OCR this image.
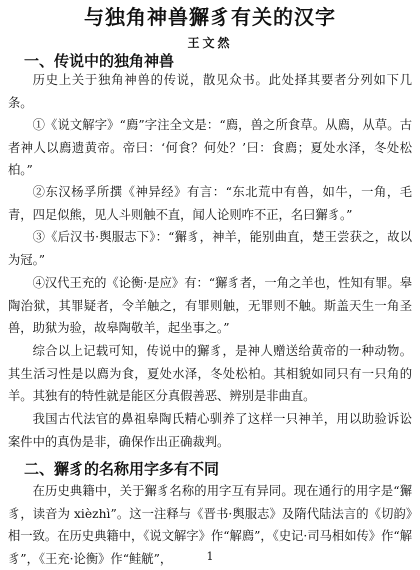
与独角神兽獬豸有关的汉字
王文然
一、传说中的独角神兽

历史上关于独角神兽的传说，散见众书。此处择其要者分列如下几条。

①《说文解字》“廌”字注全文是：“廌，兽之所食草。从廌，从草。古者神人以廌遗黄帝。帝曰：‘何食？何处？’曰：食廌；夏处水泽，冬处松柏。”

②东汉杨孚所撰《神异经》有言：“东北荒中有兽，如牛，一角，毛青，四足似熊，见人斗则触不直，闻人论则咋不正，名曰獬豸。”

③《后汉书·舆服志下》：“獬豸，神羊，能别曲直，楚王尝获之，故以为冠。”

④汉代王充的《论衡·是应》有：“獬豸者，一角之羊也，性知有罪。皋陶治狱，其罪疑者，令羊触之，有罪则触，无罪则不触。斯盖天生一角圣兽，助狱为验，故皋陶敬羊，起坐事之。”

综合以上记载可知，传说中的獬豸，是神人赠送给黄帝的一种动物。其生活习性是以廌为食，夏处水泽，冬处松柏。其相貌如同只有一只角的羊。其独有的特性就是能区分真假善恶、辨别是非曲直。

我国古代法官的鼻祖皋陶氏精心驯养了这样一只神羊，用以助验诉讼案件中的真伪是非，确保作出正确裁判。

二、獬豸的名称用字多有不同

在历史典籍中，关于獬豸名称的用字互有异同。现在通行的用字是“獬豸，读音为 xièzhì”。这一注释与《晋书·舆服志》及隋代陆法言的《切韵》相一致。在历史典籍中，《说文解字》作“解廌”，《史记·司马相如传》作“解豸”，《王充·论衡》作“鲑觥”，	1
